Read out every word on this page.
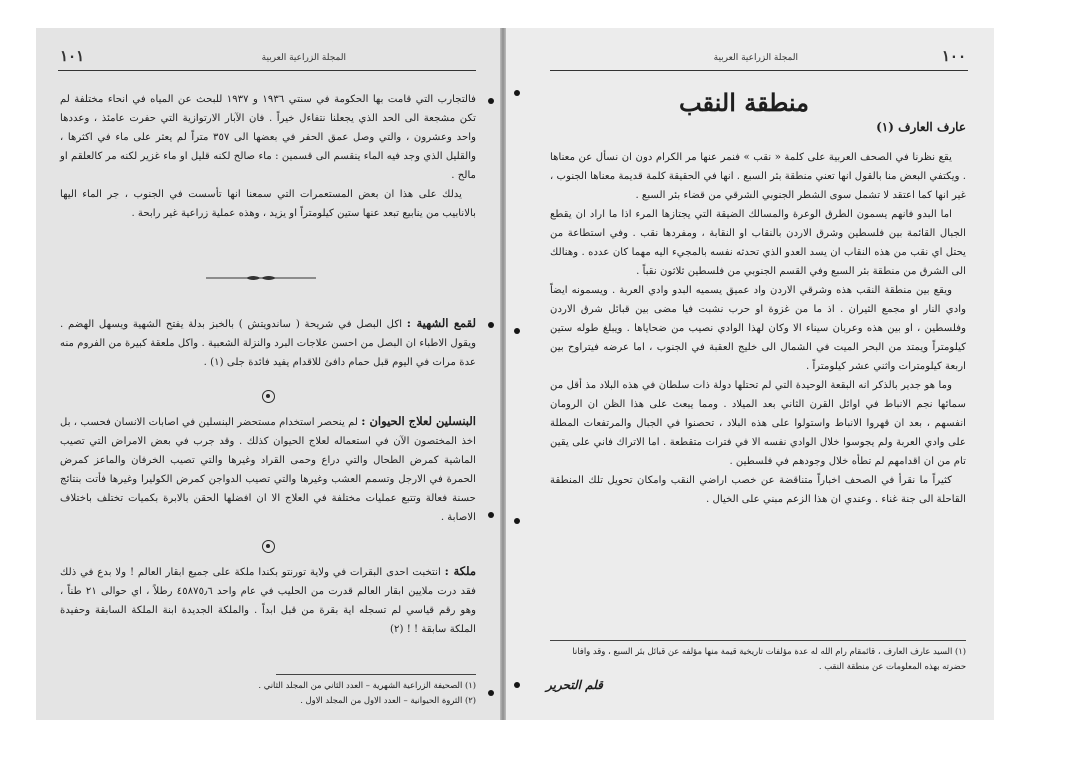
١٠١	المجلة الزراعية العربية

فالتجارب التي قامت بها الحكومة في سنتي ١٩٣٦ و ١٩٣٧ للبحث عن المياه في انحاء مختلفة لم تكن مشجعة الى الحد الذي يجعلنا نتفاءل خيراً . فان الآبار الارتوازية التي حفرت عامئذ ، وعددها واحد وعشرون ، والتي وصل عمق الحفر في بعضها الى ٣٥٧ متراً لم يعثر على ماء في اكثرها ، والقليل الذي وجد فيه الماء ينقسم الى قسمين : ماء صالح لكنه قليل او ماء غزير لكنه مر كالعلقم او مالح .

يدلك على هذا ان بعض المستعمرات التي سمعنا انها تأسست في الجنوب ، جر الماء اليها بالانابيب من ينابيع تبعد عنها ستين كيلومتراً او يزيد ، وهذه عملية زراعية غير رابحة .

لقمع الشهية : اكل البصل في شريحة ( ساندويتش ) بالخبز بدلة يفتح الشهية ويسهل الهضم . ويقول الاطباء ان البصل من احسن علاجات البرد والنزلة الشعبية . واكل ملعقة كبيرة من الفروم منه عدة مرات في اليوم قبل حمام دافئ للاقدام يفيد فائدة جلى (١) .

البنسلين لعلاج الحيوان : لم ينحصر استخدام مستحضر البنسلين في اصابات الانسان فحسب ، بل اخذ المختصون الآن في استعماله لعلاج الحيوان كذلك . وقد جرب في بعض الامراض التي تصيب الماشية كمرض الطحال والتي دراع وحمى القراد وغيرها والتي تصيب الخرفان والماعز كمرض الحمرة في الارجل وتسمم العشب وغيرها والتي تصيب الدواجن كمرض الكوليرا وغيرها فأتت بنتائج حسنة فعالة وتتبع عمليات مختلفة في العلاج الا ان افضلها الحقن بالابرة بكميات تختلف باختلاف الاصابة .

ملكة : انتخبت احدى البقرات في ولاية تورنتو بكندا ملكة على جميع ابقار العالم ! ولا بدع في ذلك فقد درت ملايين ابقار العالم قدرت من الحليب في عام واحد ٤٥٨٧٥٫٦ رطلاً ، اي حوالى ٢١ طناً ، وهو رقم قياسي لم تسجله اية بقرة من قبل ابداً . والملكة الجديدة ابنة الملكة السابقة وحفيدة الملكة سابقة ! ! (٢)

(١) الصحيفة الزراعية الشهرية – العدد الثاني من المجلد الثاني .
(٢) الثروة الحيوانية – العدد الاول من المجلد الاول .
١٠٠
المجلة الزراعية العربية
منطقة النقب
عارف العارف (١)

يقع نظرنا في الصحف العربية على كلمة « نقب » فنمر عنها مر الكرام دون ان نسأل عن معناها . ويكتفي البعض منا بالقول انها تعني منطقة بئر السبع . انها في الحقيقة كلمة قديمة معناها الجنوب ، غير انها كما اعتقد لا تشمل سوى الشطر الجنوبي الشرقي من قضاء بئر السبع .

اما البدو فانهم يسمون الطرق الوعرة والمسالك الضيقة التي يجتازها المرء اذا ما اراد ان يقطع الجبال القائمة بين فلسطين وشرق الاردن بالنقاب او النقابة ، ومفردها نقب . وفي استطاعة من يحتل اي نقب من هذه النقاب ان يسد العدو الذي تحدثه نفسه بالمجيء اليه مهما كان عدده . وهنالك الى الشرق من منطقة بئر السبع وفي القسم الجنوبي من فلسطين ثلاثون نقباً .

ويقع بين منطقة النقب هذه وشرقي الاردن واد عميق يسميه البدو وادي العربة . ويسمونه ايضاً وادي النار او مجمع الثيران . اذ ما من غزوة او حرب نشبت فيا مضى بين قبائل شرق الاردن وفلسطين ، او بين هذه وعربان سيناء الا وكان لهذا الوادي نصيب من ضحاياها . ويبلغ طوله ستين كيلومتراً ويمتد من البحر الميت في الشمال الى خليج العقبة في الجنوب ، اما عرضه فيتراوح بين اربعة كيلومترات واثني عشر كيلومتراً .

وما هو جدير بالذكر انه البقعة الوحيدة التي لم تحتلها دولة ذات سلطان في هذه البلاد مذ أقل من سمائها نجم الانباط في اوائل القرن الثاني بعد الميلاد . ومما يبعث على هذا الظن ان الرومان انفسهم ، بعد ان قهروا الانباط واستولوا على هذه البلاد ، تحصنوا في الجبال والمرتفعات المطلة على وادي العربة ولم يجوسوا خلال الوادي نفسه الا في فترات متقطعة . اما الاتراك فاني على يقين تام من ان اقدامهم لم تطأه خلال وجودهم في فلسطين .

كثيراً ما نقرأ في الصحف اخباراً متناقضة عن خصب اراضي النقب وامكان تحويل تلك المنطقة القاحلة الى جنة غناء . وعندي ان هذا الزعم مبني على الخيال .

(١) السيد عارف العارف ، قائمقام رام الله له عدة مؤلفات تاريخية قيمة منها مؤلفه عن قبائل بئر السبع ، وقد وافانا حضرته بهذه المعلومات عن منطقة النقب .
قلم التحرير
